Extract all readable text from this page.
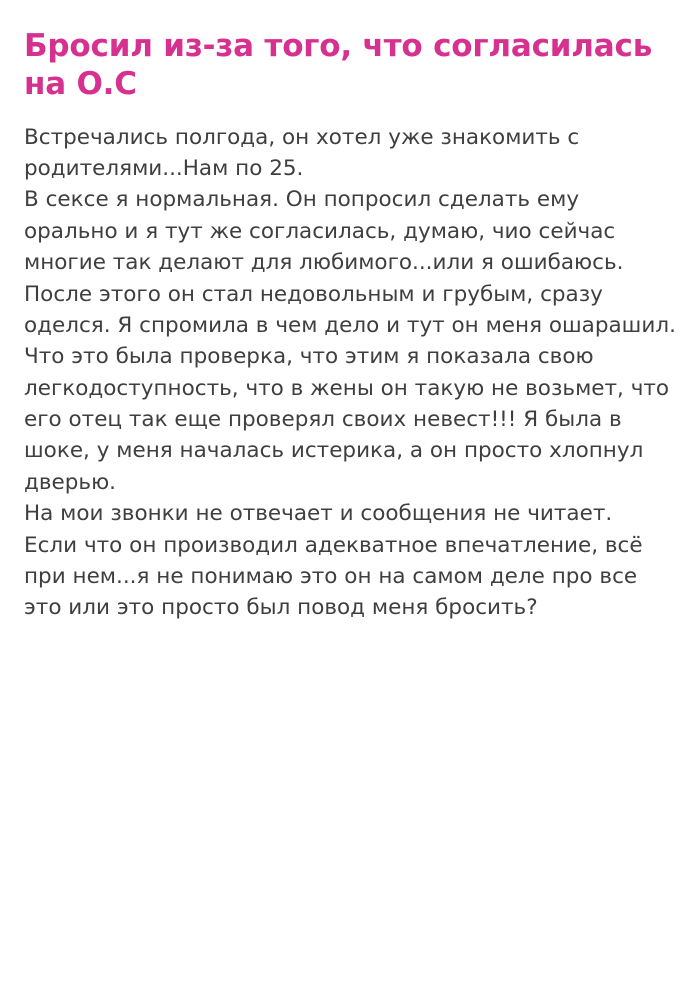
Бросил из-за того, что согласилась на О.С

Встречались полгода, он хотел уже знакомить с родителями...Нам по 25.

В сексе я нормальная. Он попросил сделать ему орально и я тут же согласилась, думаю, чио сейчас многие так делают для любимого...или я ошибаюсь.

После этого он стал недовольным и грубым, сразу оделся. Я спромила в чем дело и тут он меня ошарашил. Что это была проверка, что этим я показала свою легкодоступность, что в жены он такую не возьмет, что его отец так еще проверял своих невест!!! Я была в шоке, у меня началась истерика, а он просто хлопнул дверью.

На мои звонки не отвечает и сообщения не читает.

Если что он производил адекватное впечатление, всё при нем...я не понимаю это он на самом деле про все это или это просто был повод меня бросить?
